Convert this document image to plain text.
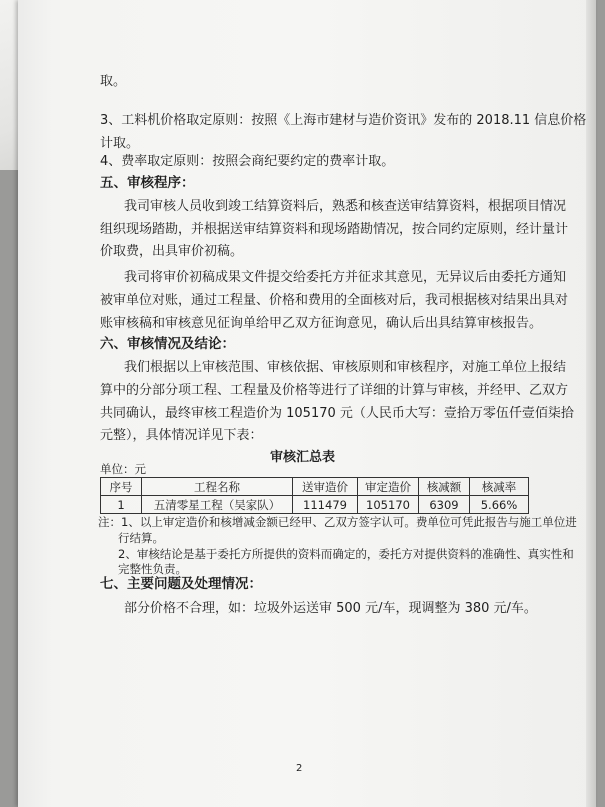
取。
3、工料机价格取定原则：按照《上海市建材与造价资讯》发布的 2018.11 信息价格
计取。
4、费率取定原则：按照会商纪要约定的费率计取。
五、审核程序：
我司审核人员收到竣工结算资料后，熟悉和核查送审结算资料，根据项目情况
组织现场踏勘，并根据送审结算资料和现场踏勘情况，按合同约定原则，经计量计
价取费，出具审价初稿。
我司将审价初稿成果文件提交给委托方并征求其意见，无异议后由委托方通知
被审单位对账，通过工程量、价格和费用的全面核对后，我司根据核对结果出具对
账审核稿和审核意见征询单给甲乙双方征询意见，确认后出具结算审核报告。
六、审核情况及结论：
我们根据以上审核范围、审核依据、审核原则和审核程序，对施工单位上报结
算中的分部分项工程、工程量及价格等进行了详细的计算与审核，并经甲、乙双方
共同确认，最终审核工程造价为 105170 元（人民币大写：壹拾万零伍仟壹佰柒拾
元整），具体情况详见下表：
审核汇总表
单位：元
序号	工程名称	送审造价	审定造价	核减额	核减率
1	五清零星工程（吴家队）	111479	105170	6309	5.66%
注：1、以上审定造价和核增减金额已经甲、乙双方签字认可。费单位可凭此报告与施工单位进
行结算。
2、审核结论是基于委托方所提供的资料而确定的，委托方对提供资料的准确性、真实性和
完整性负责。
七、主要问题及处理情况：
部分价格不合理，如：垃圾外运送审 500 元/车，现调整为 380 元/车。
2
